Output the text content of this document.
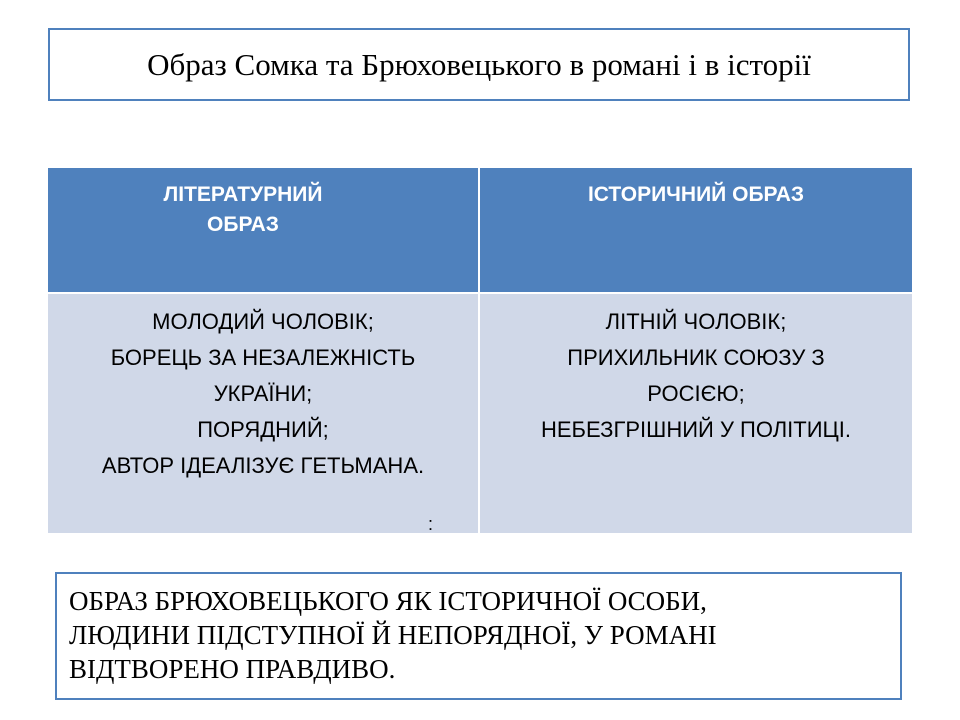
Образ Сомка та Брюховецького в романі і в історії
ЛІТЕРАТУРНИЙ
ОБРАЗ
ІСТОРИЧНИЙ ОБРАЗ
МОЛОДИЙ ЧОЛОВІК;
БОРЕЦЬ ЗА НЕЗАЛЕЖНІСТЬ
УКРАЇНИ;
ПОРЯДНИЙ;
АВТОР ІДЕАЛІЗУЄ ГЕТЬМАНА.
ЛІТНІЙ ЧОЛОВІК;
ПРИХИЛЬНИК СОЮЗУ З
РОСІЄЮ;
НЕБЕЗГРІШНИЙ У ПОЛІТИЦІ.
:
ОБРАЗ БРЮХОВЕЦЬКОГО ЯК ІСТОРИЧНОЇ ОСОБИ,
ЛЮДИНИ ПІДСТУПНОЇ Й НЕПОРЯДНОЇ, У РОМАНІ
ВІДТВОРЕНО ПРАВДИВО.
